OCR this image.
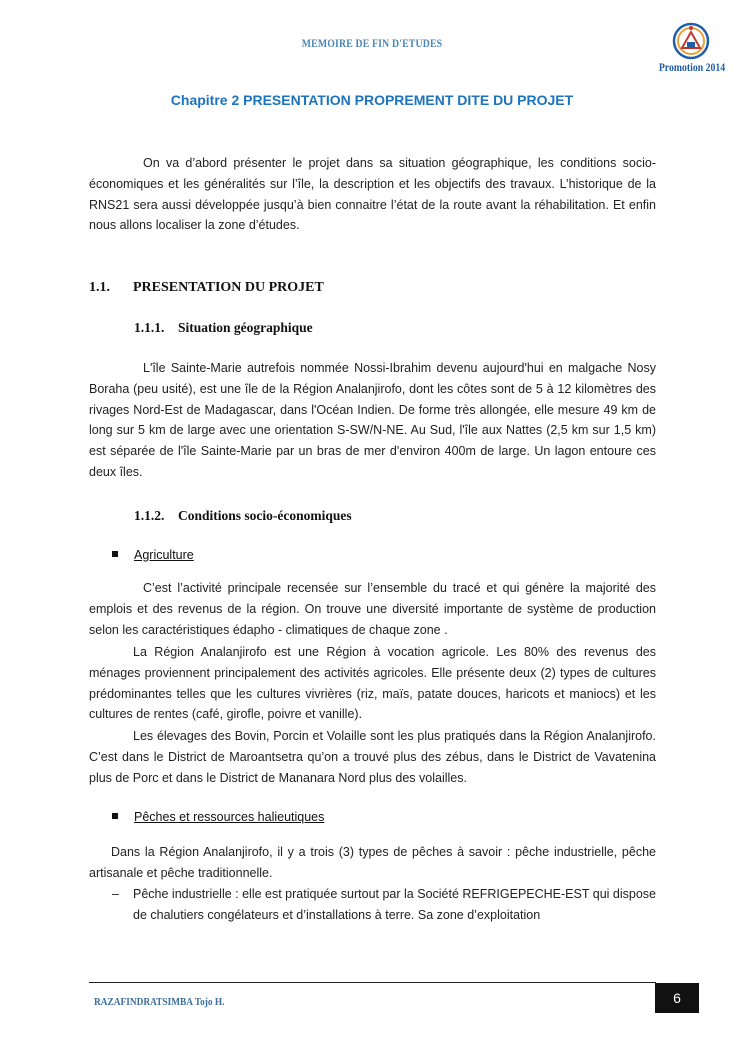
MEMOIRE DE FIN D'ETUDES
Promotion 2014
Chapitre 2 PRESENTATION PROPREMENT DITE DU PROJET

On va d’abord présenter le projet dans sa situation géographique, les conditions socio-économiques et les généralités sur l’île, la description et les objectifs des travaux. L’historique de la RNS21 sera aussi développée jusqu’à bien connaitre l’état de la route avant la réhabilitation. Et enfin nous allons localiser la zone d’études.

1.1. PRESENTATION DU PROJET
1.1.1. Situation géographique

L'île Sainte-Marie autrefois nommée Nossi-Ibrahim devenu aujourd'hui en malgache Nosy Boraha (peu usité), est une île de la Région Analanjirofo, dont les côtes sont de 5 à 12 kilomètres des rivages Nord-Est de Madagascar, dans l'Océan Indien. De forme très allongée, elle mesure 49 km de long sur 5 km de large avec une orientation S-SW/N-NE. Au Sud, l'île aux Nattes (2,5 km sur 1,5 km) est séparée de l'île Sainte-Marie par un bras de mer d'environ 400m de large. Un lagon entoure ces deux îles.

1.1.2. Conditions socio-économiques
Agriculture

C’est l’activité principale recensée sur l’ensemble du tracé et qui génère la majorité des emplois et des revenus de la région. On trouve une diversité importante de système de production selon les caractéristiques édapho - climatiques de chaque zone .

La Région Analanjirofo est une Région à vocation agricole. Les 80% des revenus des ménages proviennent principalement des activités agricoles. Elle présente deux (2) types de cultures prédominantes telles que les cultures vivrières (riz, maïs, patate douces, haricots et maniocs) et les cultures de rentes (café, girofle, poivre et vanille).

Les élevages des Bovin, Porcin et Volaille sont les plus pratiqués dans la Région Analanjirofo. C’est dans le District de Maroantsetra qu’on a trouvé plus des zébus, dans le District de Vavatenina plus de Porc et dans le District de Mananara Nord plus des volailles.

Pêches et ressources halieutiques

Dans la Région Analanjirofo, il y a trois (3) types de pêches à savoir : pêche industrielle, pêche artisanale et pêche traditionnelle.

– Pêche industrielle : elle est pratiquée surtout par la Société REFRIGEPECHE-EST qui dispose de chalutiers congélateurs et d’installations à terre. Sa zone d’exploitation
RAZAFINDRATSIMBA Tojo H.	6
